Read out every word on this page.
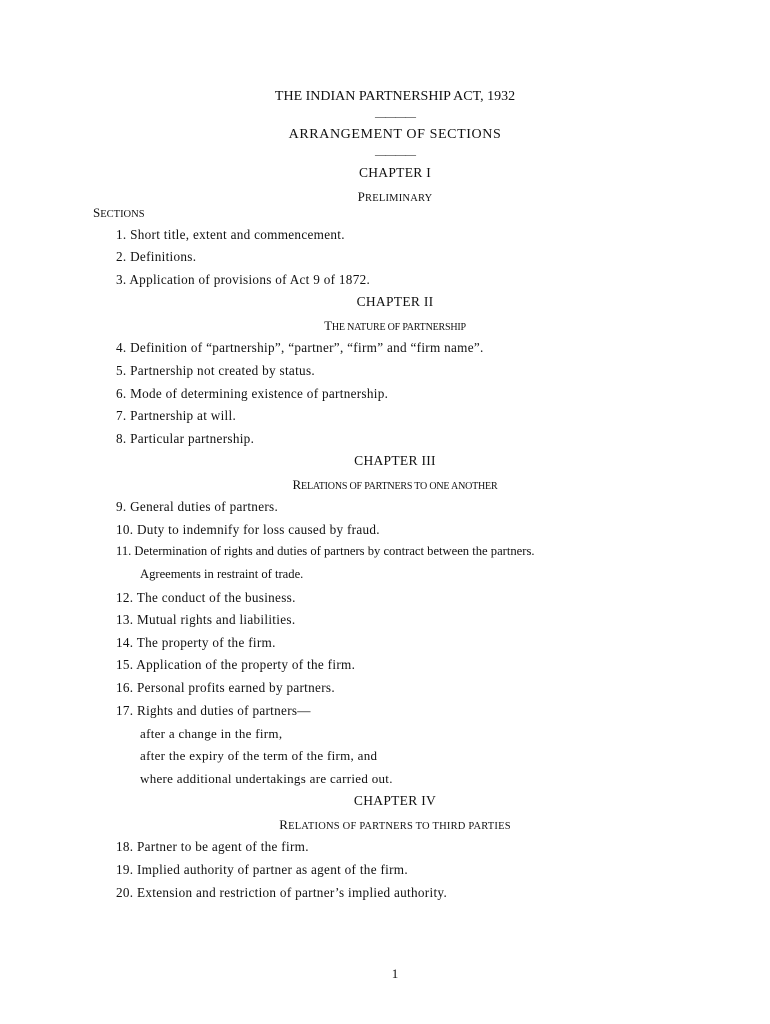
THE INDIAN PARTNERSHIP ACT, 1932
————
ARRANGEMENT OF SECTIONS
————
CHAPTER I
PRELIMINARY
SECTIONS
1. Short title, extent and commencement.
2. Definitions.
3. Application of provisions of Act 9 of 1872.
CHAPTER II
THE NATURE OF PARTNERSHIP
4. Definition of “partnership”, “partner”, “firm” and “firm name”.
5. Partnership not created by status.
6. Mode of determining existence of partnership.
7. Partnership at will.
8. Particular partnership.
CHAPTER III
RELATIONS OF PARTNERS TO ONE ANOTHER
9. General duties of partners.
10. Duty to indemnify for loss caused by fraud.
11. Determination of rights and duties of partners by contract between the partners.
Agreements in restraint of trade.
12. The conduct of the business.
13. Mutual rights and liabilities.
14. The property of the firm.
15. Application of the property of the firm.
16. Personal profits earned by partners.
17. Rights and duties of partners—
after a change in the firm,
after the expiry of the term of the firm, and
where additional undertakings are carried out.
CHAPTER IV
RELATIONS OF PARTNERS TO THIRD PARTIES
18. Partner to be agent of the firm.
19. Implied authority of partner as agent of the firm.
20. Extension and restriction of partner’s implied authority.
1
